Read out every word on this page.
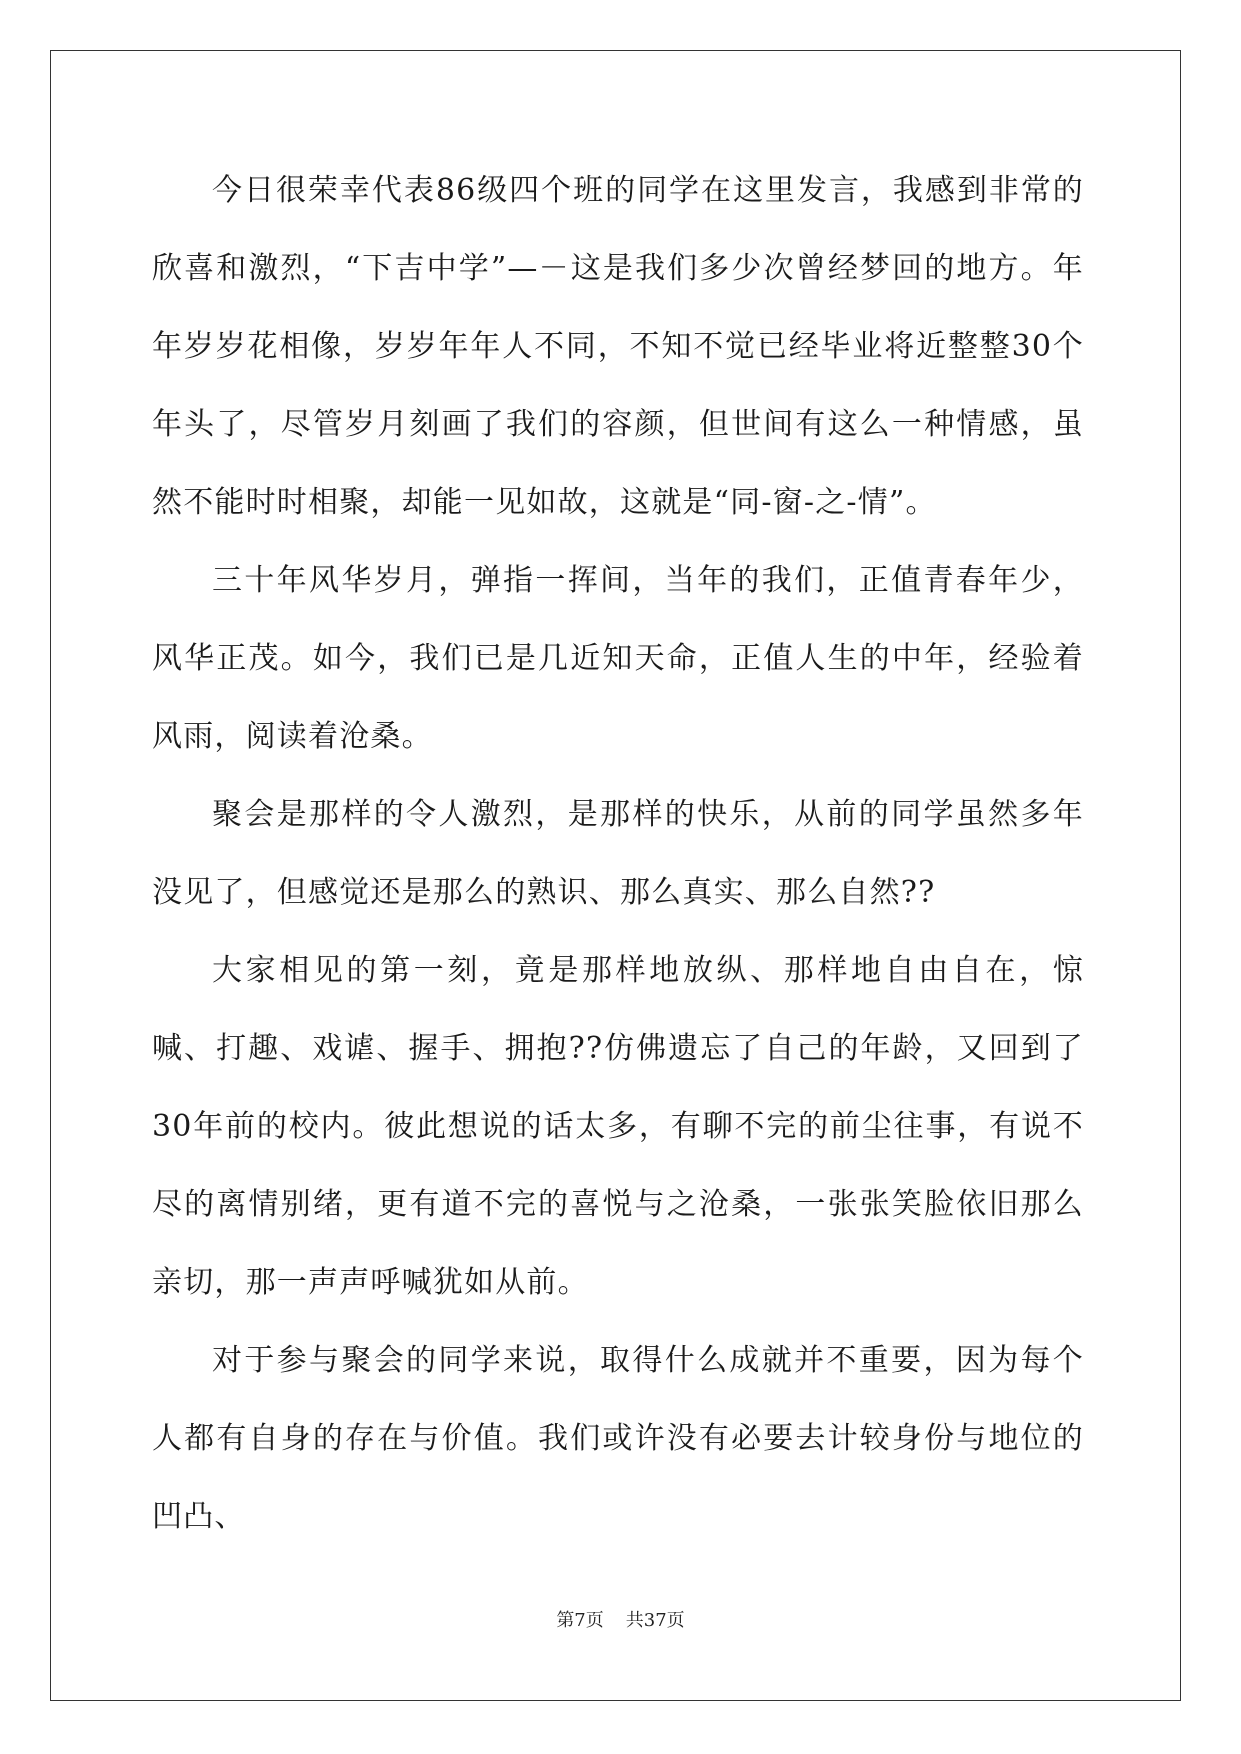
今日很荣幸代表86级四个班的同学在这里发言，我感到非常的欣喜和激烈，“下吉中学”—－这是我们多少次曾经梦回的地方。年年岁岁花相像，岁岁年年人不同，不知不觉已经毕业将近整整30个年头了，尽管岁月刻画了我们的容颜，但世间有这么一种情感，虽然不能时时相聚，却能一见如故，这就是“同-窗-之-情”。

三十年风华岁月，弹指一挥间，当年的我们，正值青春年少，风华正茂。如今，我们已是几近知天命，正值人生的中年，经验着风雨，阅读着沧桑。

聚会是那样的令人激烈，是那样的快乐，从前的同学虽然多年没见了，但感觉还是那么的熟识、那么真实、那么自然??

大家相见的第一刻，竟是那样地放纵、那样地自由自在，惊喊、打趣、戏谑、握手、拥抱??仿佛遗忘了自己的年龄，又回到了30年前的校内。彼此想说的话太多，有聊不完的前尘往事，有说不尽的离情别绪，更有道不完的喜悦与之沧桑，一张张笑脸依旧那么亲切，那一声声呼喊犹如从前。

对于参与聚会的同学来说，取得什么成就并不重要，因为每个人都有自身的存在与价值。我们或许没有必要去计较身份与地位的凹凸、

第7页 共37页
